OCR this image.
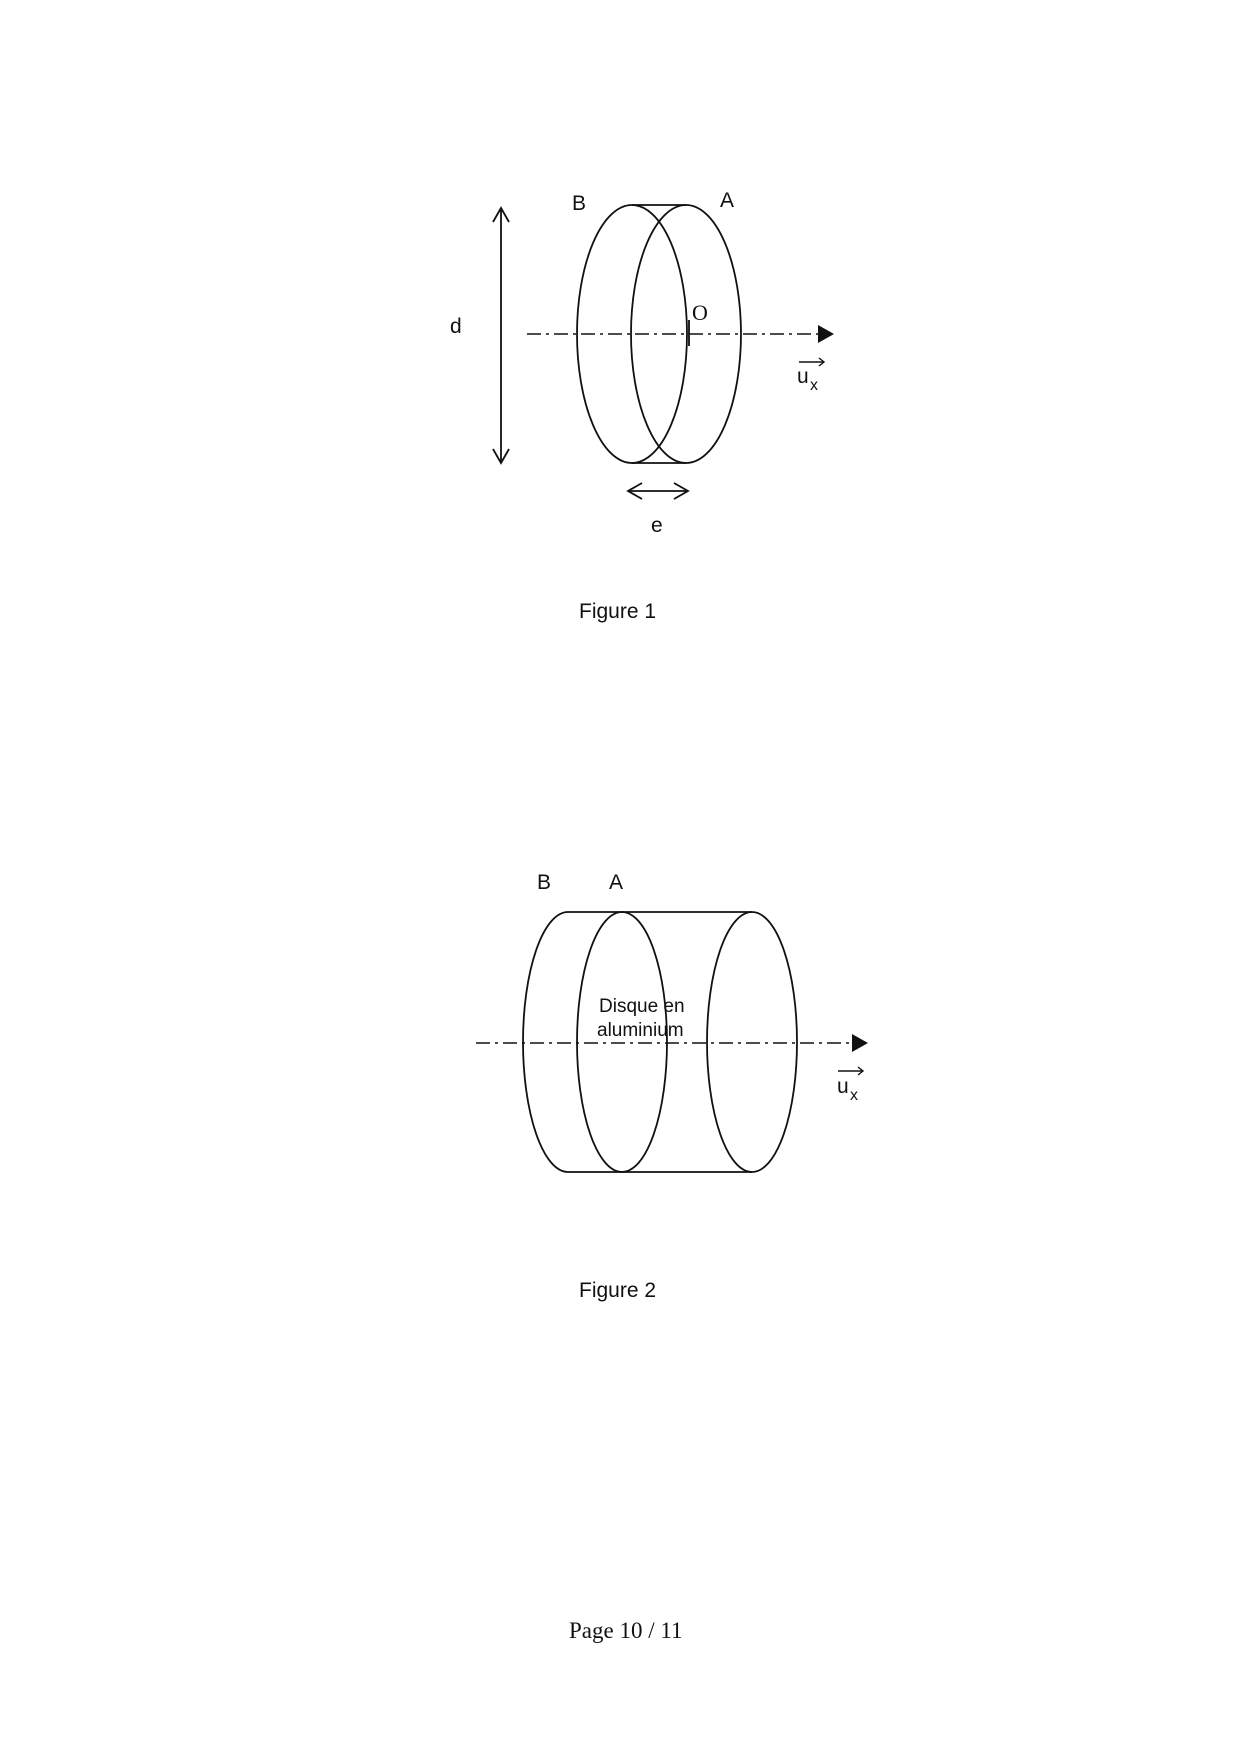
d
O
u x
B	A
e
Figure 1
B	A
Disque en
aluminium
u x
Figure 2
Page 10 / 11
